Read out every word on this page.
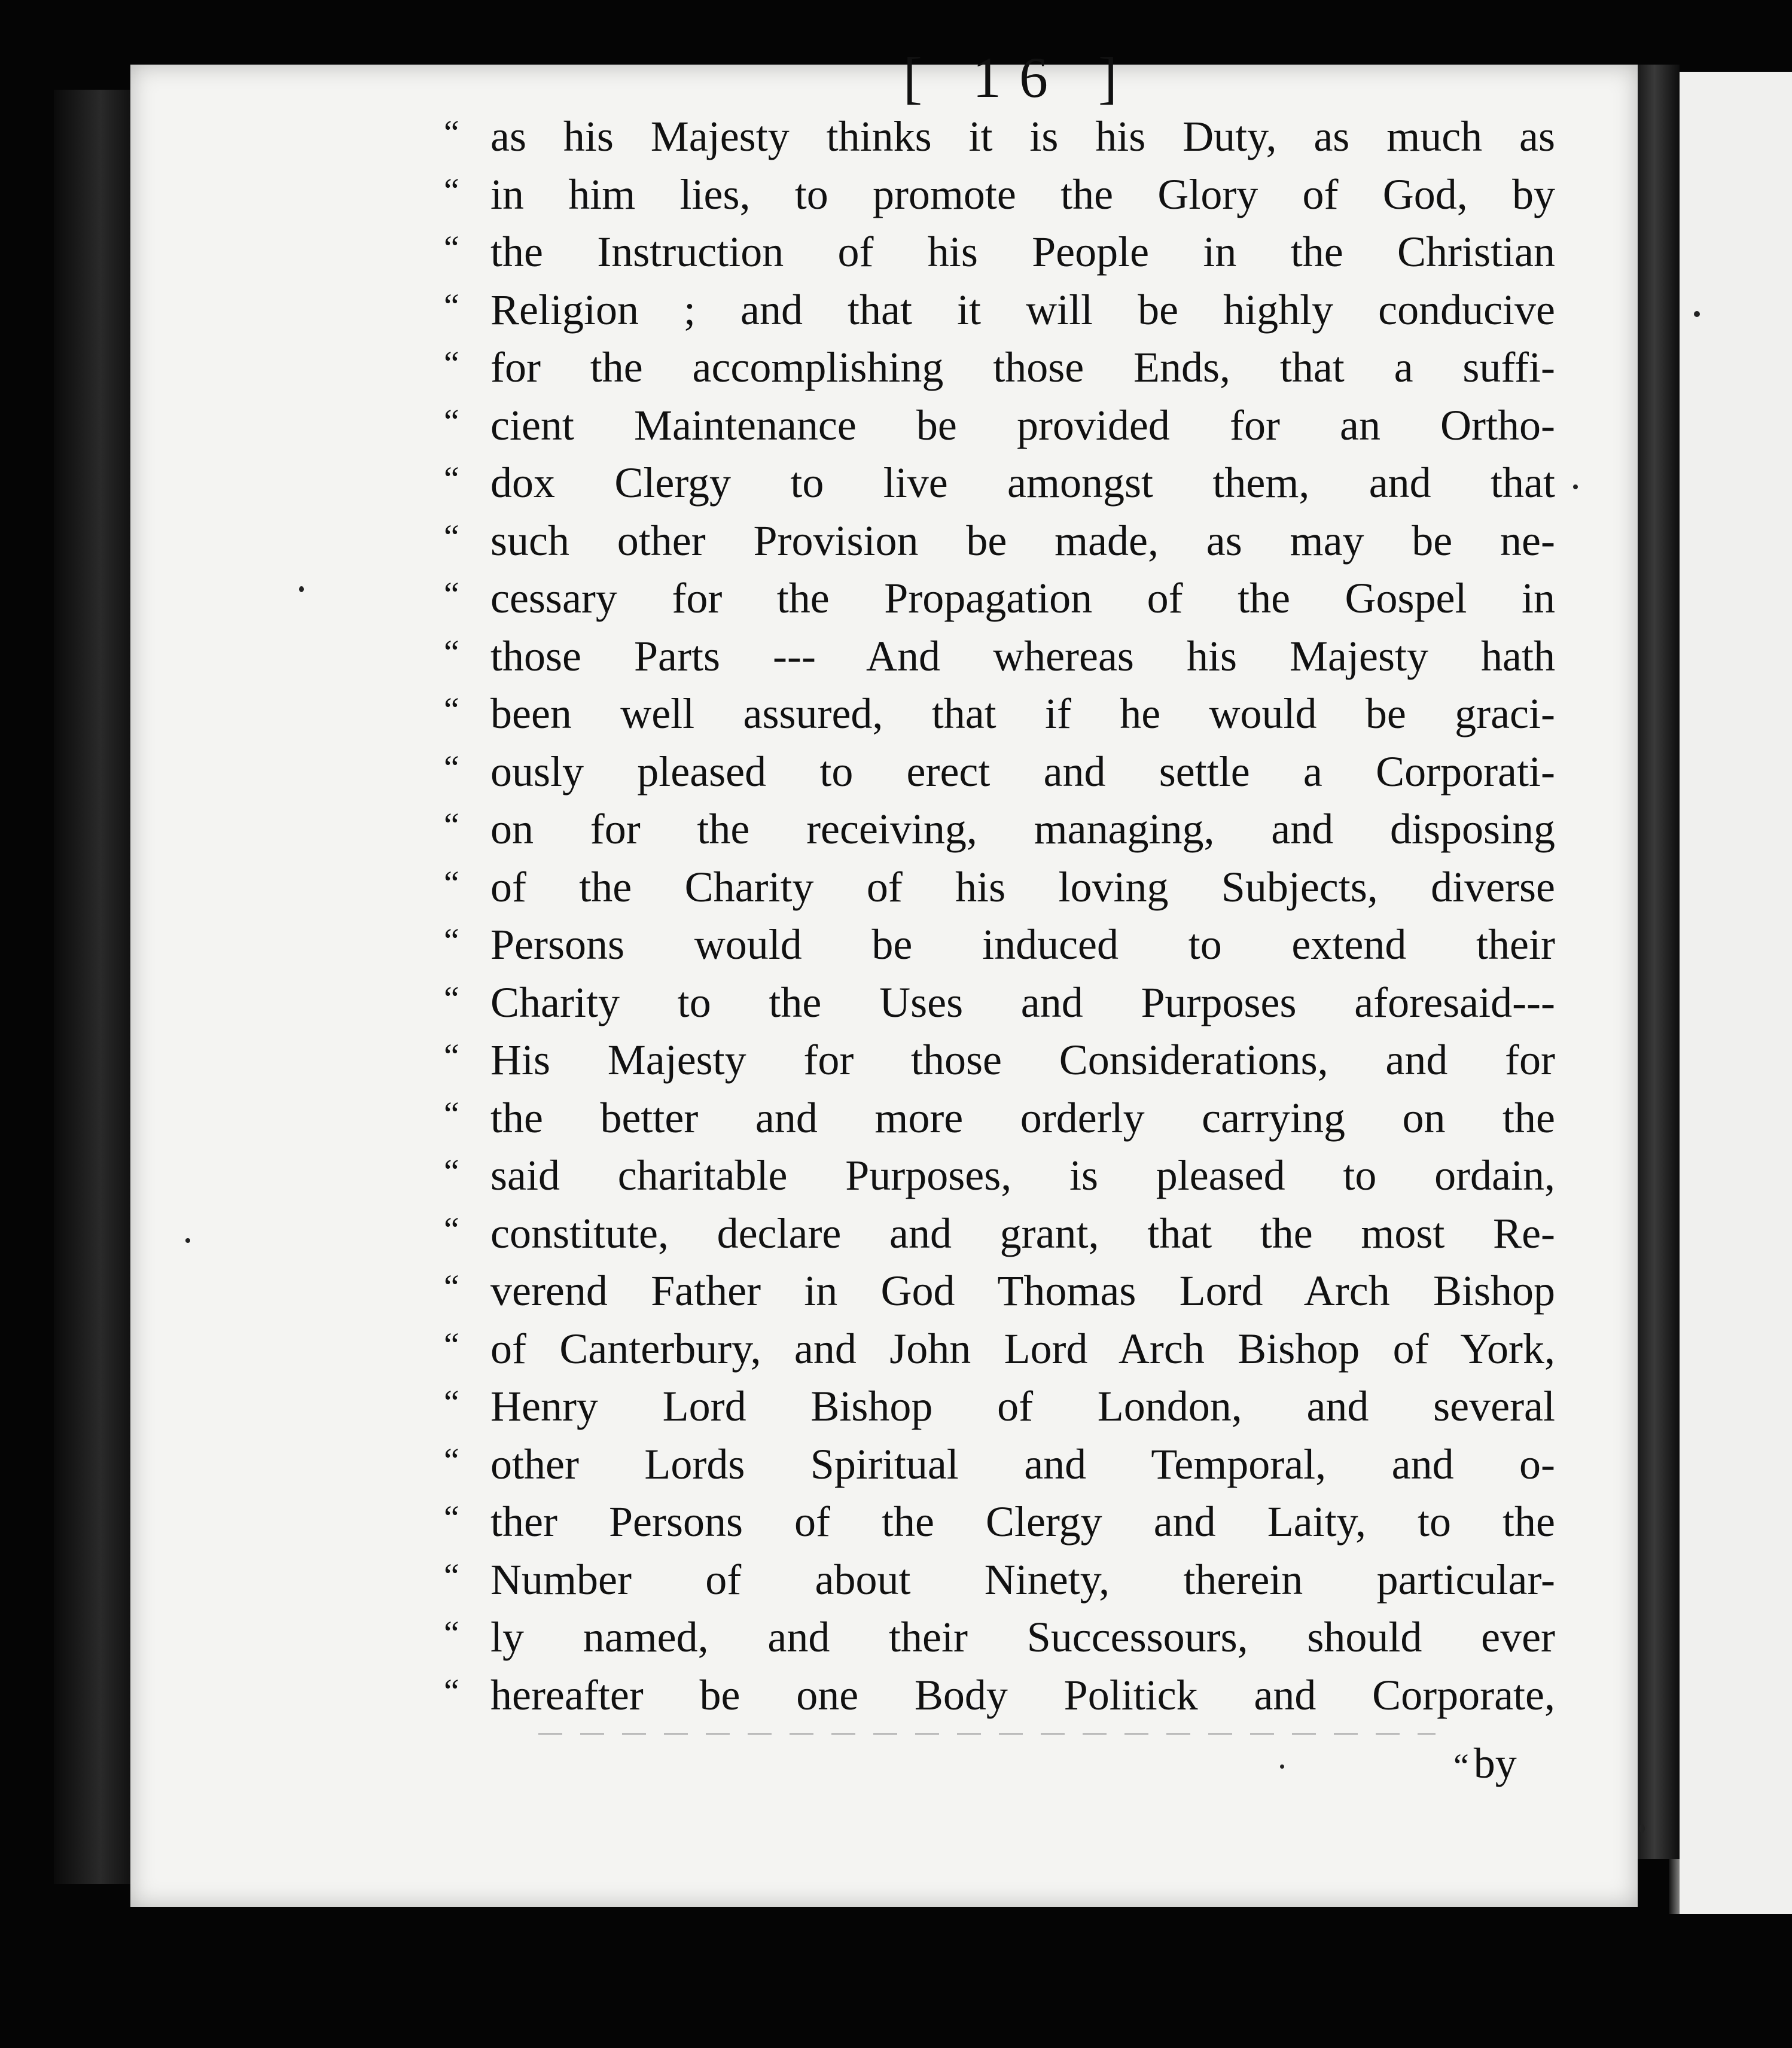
[ 16 ]
“ as his Majesty thinks it is his Duty, as much as
“ in him lies, to promote the Glory of God, by
“ the Instruction of his People in the Christian
“ Religion ; and that it will be highly conducive
“ for the accomplishing those Ends, that a suffi-
“ cient Maintenance be provided for an Ortho-
“ dox Clergy to live amongst them, and that
“ such other Provision be made, as may be ne-
“ cessary for the Propagation of the Gospel in
“ those Parts --- And whereas his Majesty hath
“ been well assured, that if he would be graci-
“ ously pleased to erect and settle a Corporati-
“ on for the receiving, managing, and disposing
“ of the Charity of his loving Subjects, diverse
“ Persons would be induced to extend their
“ Charity to the Uses and Purposes aforesaid---
“ His Majesty for those Considerations, and for
“ the better and more orderly carrying on the
“ said charitable Purposes, is pleased to ordain,
“ constitute, declare and grant, that the most Re-
“ verend Father in God Thomas Lord Arch Bishop
“ of Canterbury, and John Lord Arch Bishop of York,
“ Henry Lord Bishop of London, and several
“ other Lords Spiritual and Temporal, and o-
“ ther Persons of the Clergy and Laity, to the
“ Number of about Ninety, therein particular-
“ ly named, and their Successours, should ever
“ hereafter be one Body Politick and Corporate,
“ by
